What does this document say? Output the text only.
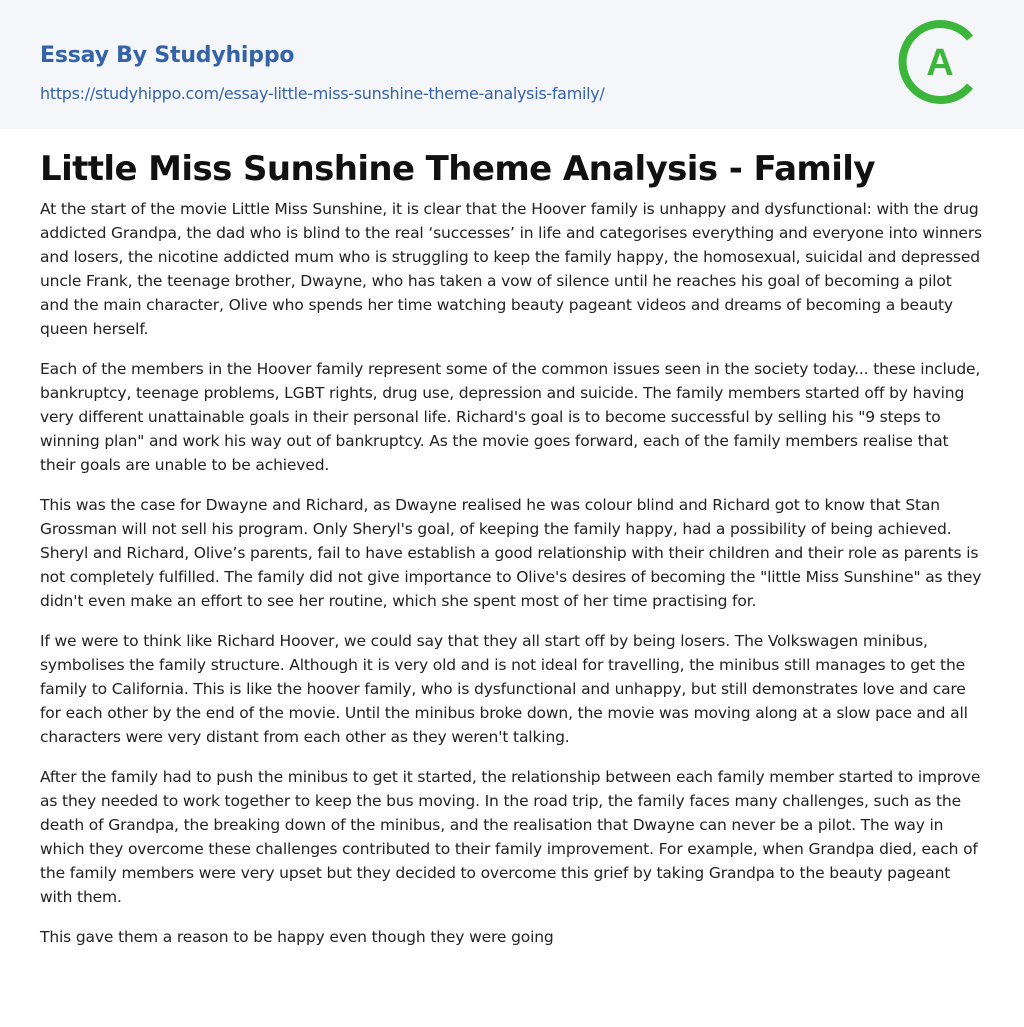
Essay By Studyhippo
https://studyhippo.com/essay-little-miss-sunshine-theme-analysis-family/
A
Little Miss Sunshine Theme Analysis - Family

At the start of the movie Little Miss Sunshine, it is clear that the Hoover family is unhappy and dysfunctional: with the drug addicted Grandpa, the dad who is blind to the real ‘successes’ in life and categorises everything and everyone into winners and losers, the nicotine addicted mum who is struggling to keep the family happy, the homosexual, suicidal and depressed uncle Frank, the teenage brother, Dwayne, who has taken a vow of silence until he reaches his goal of becoming a pilot and the main character, Olive who spends her time watching beauty pageant videos and dreams of becoming a beauty queen herself.

Each of the members in the Hoover family represent some of the common issues seen in the society today... these include, bankruptcy, teenage problems, LGBT rights, drug use, depression and suicide. The family members started off by having very different unattainable goals in their personal life. Richard's goal is to become successful by selling his "9 steps to winning plan" and work his way out of bankruptcy. As the movie goes forward, each of the family members realise that their goals are unable to be achieved.

This was the case for Dwayne and Richard, as Dwayne realised he was colour blind and Richard got to know that Stan Grossman will not sell his program. Only Sheryl's goal, of keeping the family happy, had a possibility of being achieved. Sheryl and Richard, Olive’s parents, fail to have establish a good relationship with their children and their role as parents is not completely fulfilled. The family did not give importance to Olive's desires of becoming the "little Miss Sunshine" as they didn't even make an effort to see her routine, which she spent most of her time practising for.

If we were to think like Richard Hoover, we could say that they all start off by being losers. The Volkswagen minibus, symbolises the family structure. Although it is very old and is not ideal for travelling, the minibus still manages to get the family to California. This is like the hoover family, who is dysfunctional and unhappy, but still demonstrates love and care for each other by the end of the movie. Until the minibus broke down, the movie was moving along at a slow pace and all characters were very distant from each other as they weren't talking.

After the family had to push the minibus to get it started, the relationship between each family member started to improve as they needed to work together to keep the bus moving. In the road trip, the family faces many challenges, such as the death of Grandpa, the breaking down of the minibus, and the realisation that Dwayne can never be a pilot. The way in which they overcome these challenges contributed to their family improvement. For example, when Grandpa died, each of the family members were very upset but they decided to overcome this grief by taking Grandpa to the beauty pageant with them.

This gave them a reason to be happy even though they were going
